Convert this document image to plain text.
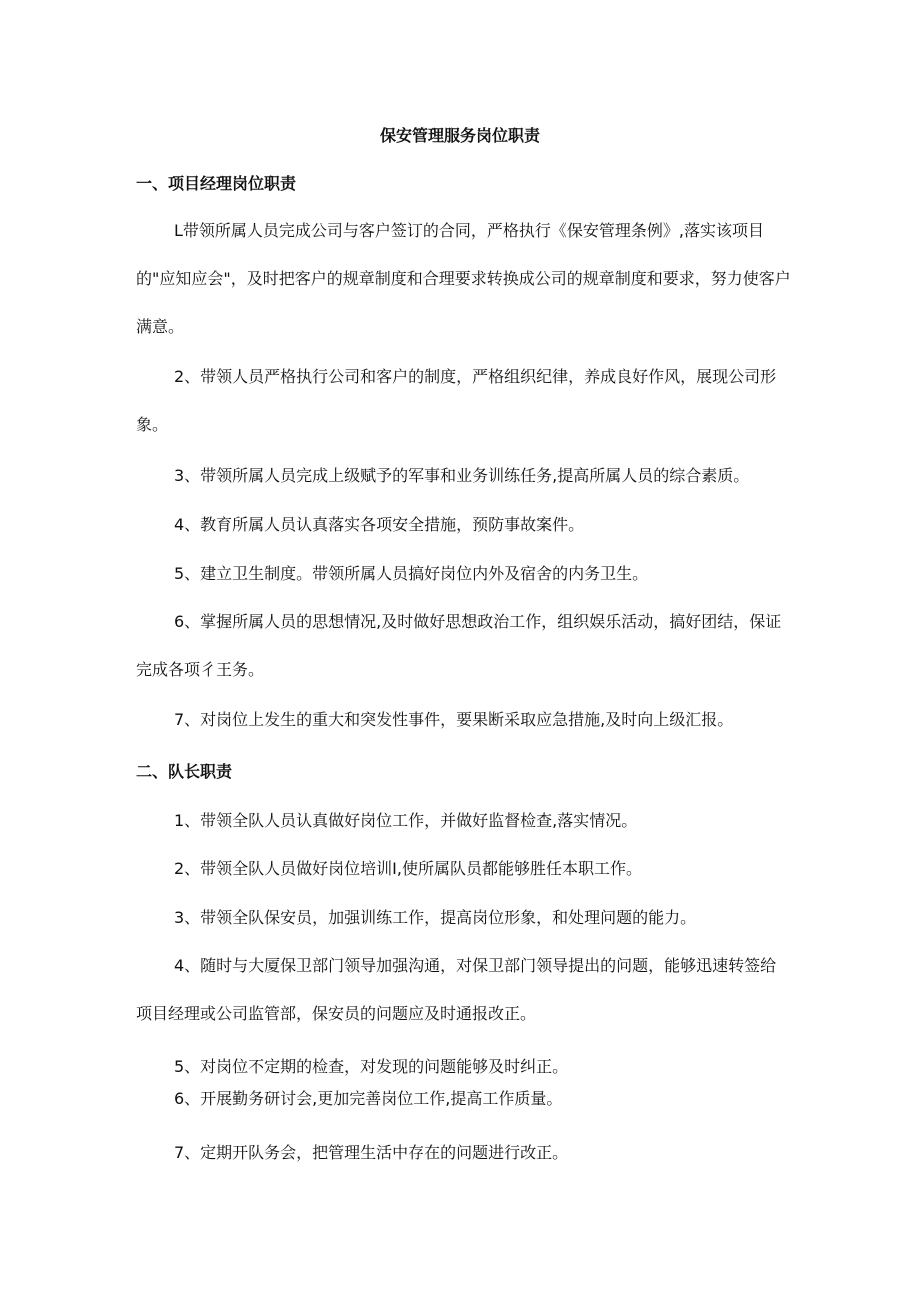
保安管理服务岗位职责
一、项目经理岗位职责

L带领所属人员完成公司与客户签订的合同，严格执行《保安管理条例》,落实该项目的"应知应会"，及时把客户的规章制度和合理要求转换成公司的规章制度和要求，努力使客户满意。

2、带领人员严格执行公司和客户的制度，严格组织纪律，养成良好作风，展现公司形象。

3、带领所属人员完成上级赋予的军事和业务训练任务,提高所属人员的综合素质。
4、教育所属人员认真落实各项安全措施，预防事故案件。
5、建立卫生制度。带领所属人员搞好岗位内外及宿舍的内务卫生。

6、掌握所属人员的思想情况,及时做好思想政治工作，组织娱乐活动，搞好团结，保证完成各项彳王务。

7、对岗位上发生的重大和突发性事件，要果断采取应急措施,及时向上级汇报。
二、队长职责
1、带领全队人员认真做好岗位工作，并做好监督检查,落实情况。
2、带领全队人员做好岗位培训I,使所属队员都能够胜任本职工作。
3、带领全队保安员，加强训练工作，提高岗位形象，和处理问题的能力。

4、随时与大厦保卫部门领导加强沟通，对保卫部门领导提出的问题，能够迅速转签给项目经理或公司监管部，保安员的问题应及时通报改正。

5、对岗位不定期的检查，对发现的问题能够及时纠正。
6、开展勤务研讨会,更加完善岗位工作,提高工作质量。
7、定期开队务会，把管理生活中存在的问题进行改正。
